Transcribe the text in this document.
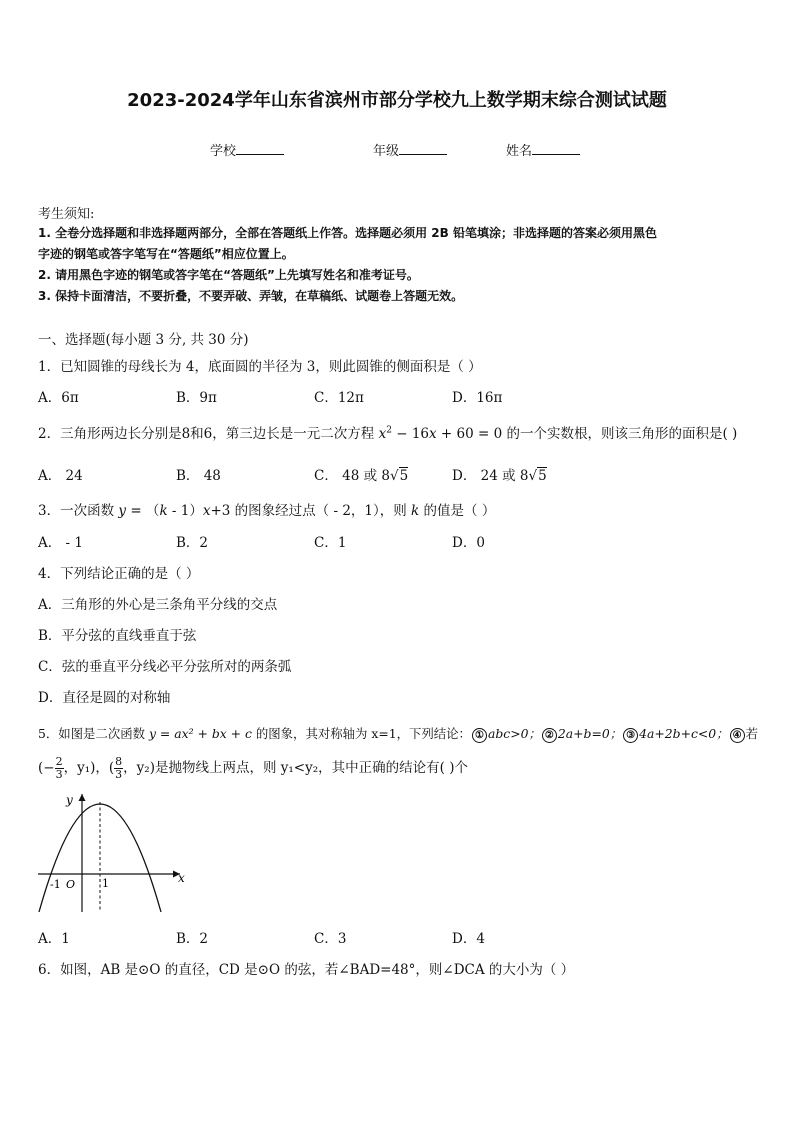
2023-2024学年山东省滨州市部分学校九上数学期末综合测试试题
学校	年级	姓名
考生须知:
1. 全卷分选择题和非选择题两部分，全部在答题纸上作答。选择题必须用 2B 铅笔填涂；非选择题的答案必须用黑色
字迹的钢笔或答字笔写在“答题纸”相应位置上。
2. 请用黑色字迹的钢笔或答字笔在“答题纸”上先填写姓名和准考证号。
3. 保持卡面清洁，不要折叠，不要弄破、弄皱，在草稿纸、试题卷上答题无效。
一、选择题(每小题 3 分, 共 30 分)
1．已知圆锥的母线长为 4，底面圆的半径为 3，则此圆锥的侧面积是（ ）
A．6π	B．9π	C．12π	D．16π
2．三角形两边长分别是8和6，第三边长是一元二次方程 $x^2 - 16x + 60 = 0$ 的一个实数根，则该三角形的面积是( )
A． 24	B． 48	C． 48 或 8√5	D． 24 或 8√5
3．一次函数 y = （k - 1）x+3 的图象经过点（ - 2，1），则 k 的值是（ ）
A． - 1	B．2	C．1	D．0
4．下列结论正确的是（ ）
A．三角形的外心是三条角平分线的交点
B．平分弦的直线垂直于弦
C．弦的垂直平分线必平分弦所对的两条弧
D．直径是圆的对称轴
5．如图是二次函数 y = ax² + bx + c 的图象，其对称轴为 x=1，下列结论： ① abc>0； ② 2a+b=0； ③ 4a+2b+c<0； ④ 若
(− $\frac{2}{3}$ ，y₁)，( $\frac{8}{3}$ ，y₂)是抛物线上两点，则 y₁<y₂，其中正确的结论有( )个
x
y
-1 O 1
A．1	B．2	C．3	D．4
6．如图，AB 是⊙O 的直径，CD 是⊙O 的弦，若∠BAD=48°，则∠DCA 的大小为（ ）
